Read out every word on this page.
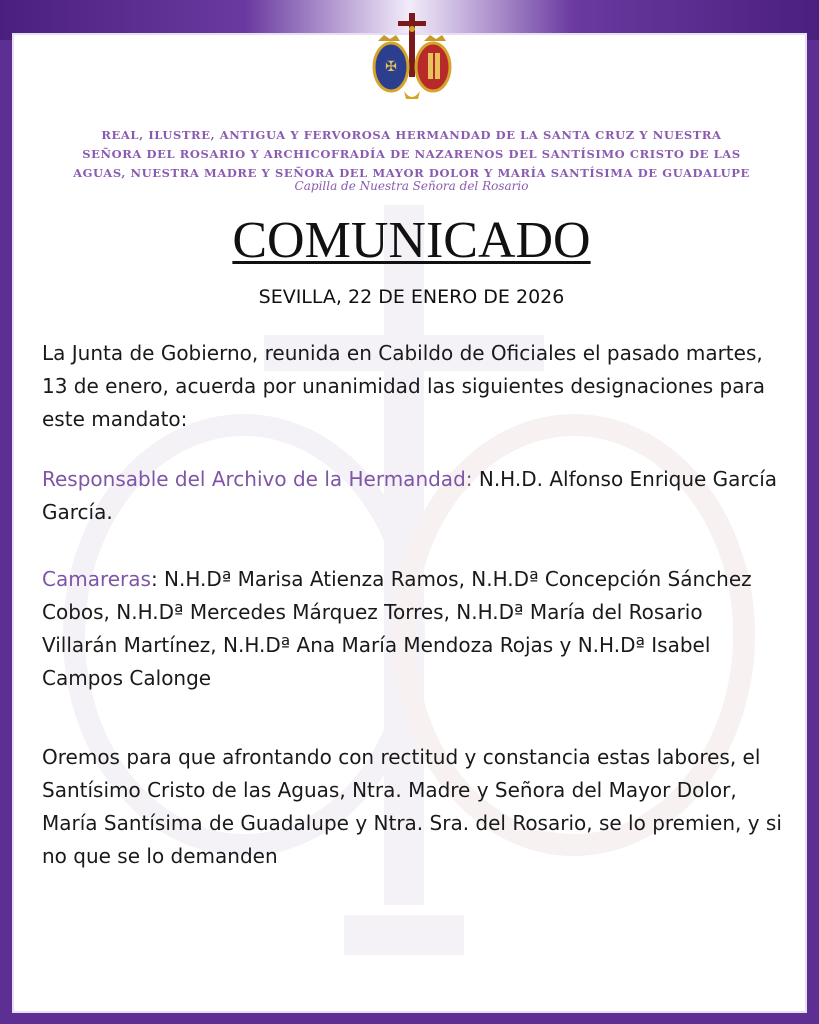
✠
REAL, ILUSTRE, ANTIGUA Y FERVOROSA HERMANDAD DE LA SANTA CRUZ Y NUESTRA
SEÑORA DEL ROSARIO Y ARCHICOFRADÍA DE NAZARENOS DEL SANTÍSIMO CRISTO DE LAS
AGUAS, NUESTRA MADRE Y SEÑORA DEL MAYOR DOLOR Y MARÍA SANTÍSIMA DE GUADALUPE
Capilla de Nuestra Señora del Rosario
COMUNICADO
SEVILLA, 22 DE ENERO DE 2026
La Junta de Gobierno, reunida en Cabildo de Oficiales el pasado martes, 13 de enero, acuerda por unanimidad las siguientes designaciones para este mandato:
Responsable del Archivo de la Hermandad: N.H.D. Alfonso Enrique García García.
Camareras: N.H.Dª Marisa Atienza Ramos, N.H.Dª Concepción Sánchez Cobos, N.H.Dª Mercedes Márquez Torres, N.H.Dª María del Rosario Villarán Martínez, N.H.Dª Ana María Mendoza Rojas y N.H.Dª Isabel Campos Calonge
Oremos para que afrontando con rectitud y constancia estas labores, el Santísimo Cristo de las Aguas, Ntra. Madre y Señora del Mayor Dolor, María Santísima de Guadalupe y Ntra. Sra. del Rosario, se lo premien, y si no que se lo demanden
